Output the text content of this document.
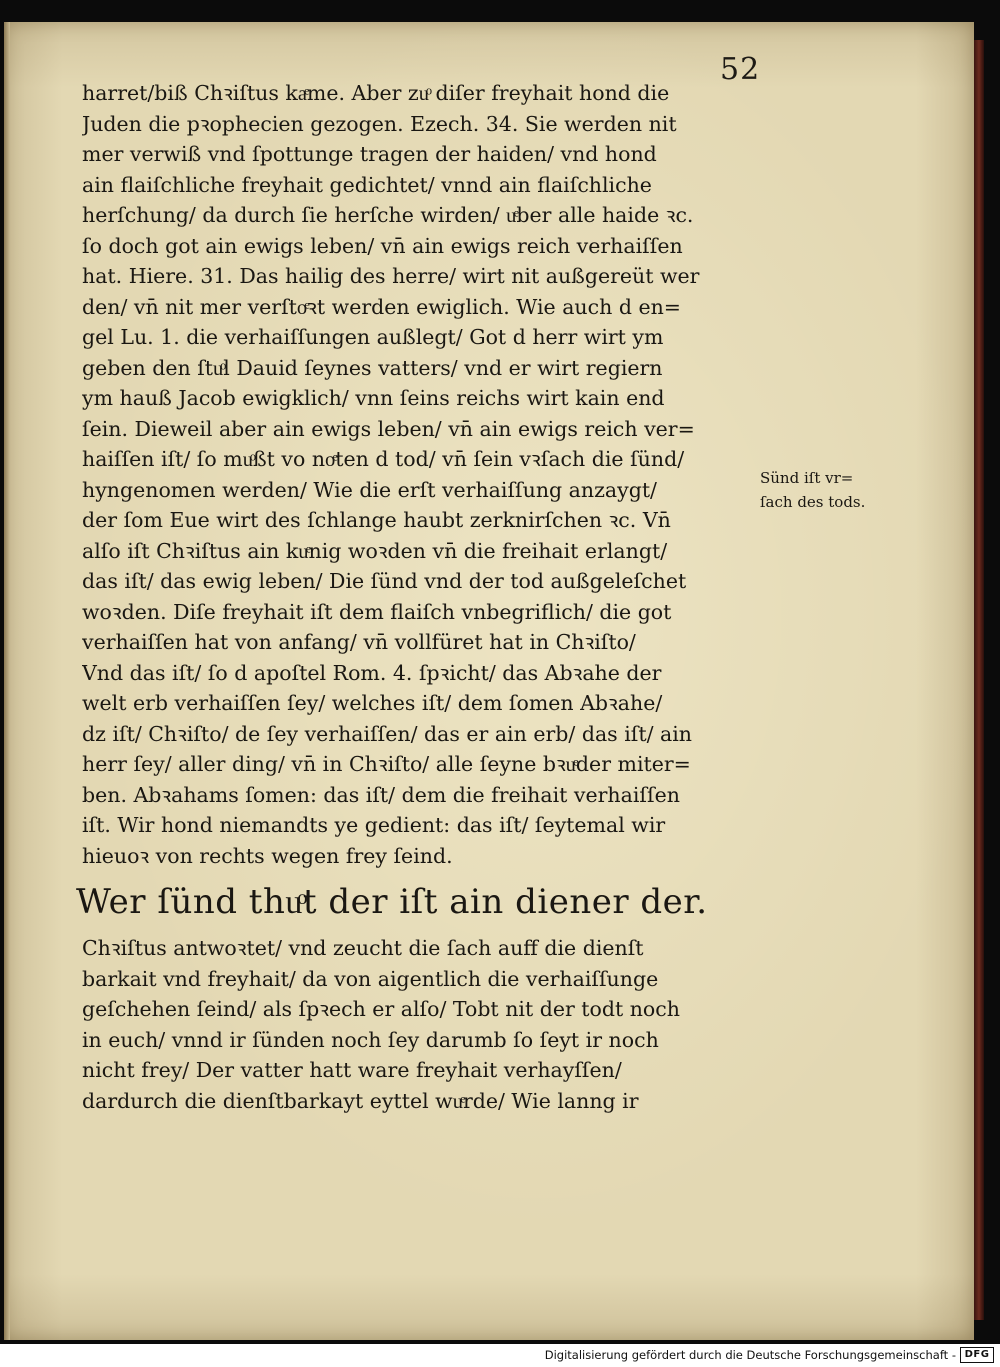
52
harret/biß Chꝛiſtus kaͤme. Aber zuͦ diſer freyhait hond die
Juden die pꝛophecien gezogen. Ezech. 34. Sie werden nit
mer verwiß vnd ſpottunge tragen der haiden/ vnd hond
ain flaiſchliche freyhait gedichtet/ vnnd ain flaiſchliche
herſchung/ da durch ſie herſche wirden/ uͤber alle haide ꝛc.
ſo doch got ain ewigs leben/ vn̄ ain ewigs reich verhaiſſen
hat. Hiere. 31. Das hailig des herre/ wirt nit außgereüt wer
den/ vn̄ nit mer verſtoͤꝛt werden ewiglich. Wie auch d en=
gel Lu. 1. die verhaiſſungen außlegt/ Got d herr wirt ym
geben den ſtuͦl Dauid ſeynes vatters/ vnd er wirt regiern
ym hauß Jacob ewigklich/ vnn ſeins reichs wirt kain end
ſein. Dieweil aber ain ewigs leben/ vn̄ ain ewigs reich ver=
haiſſen iſt/ ſo muͦßt vo noͤten d tod/ vn̄ ſein vꝛſach die ſünd/
hyngenomen werden/ Wie die erſt verhaiſſung anzaygt/
der ſom Eue wirt des ſchlange haubt zerknirſchen ꝛc. Vn̄
alſo iſt Chꝛiſtus ain kuͤnig woꝛden vn̄ die freihait erlangt/
das iſt/ das ewig leben/ Die ſünd vnd der tod außgeleſchet
woꝛden. Diſe freyhait iſt dem flaiſch vnbegriflich/ die got
verhaiſſen hat von anfang/ vn̄ vollfüret hat in Chꝛiſto/
Vnd das iſt/ ſo d apoſtel Rom. 4. ſpꝛicht/ das Abꝛahe der
welt erb verhaiſſen ſey/ welches iſt/ dem ſomen Abꝛahe/
dz iſt/ Chꝛiſto/ de ſey verhaiſſen/ das er ain erb/ das iſt/ ain
herr ſey/ aller ding/ vn̄ in Chꝛiſto/ alle ſeyne bꝛuͤder miter=
ben. Abꝛahams ſomen: das iſt/ dem die freihait verhaiſſen
iſt. Wir hond niemandts ye gedient: das iſt/ ſeytemal wir
hieuoꝛ von rechts wegen frey ſeind.
Wer ſünd thuͦt der iſt ain diener der.
Chꝛiſtus antwoꝛtet/ vnd zeucht die ſach auff die dienſt
barkait vnd freyhait/ da von aigentlich die verhaiſſunge
geſchehen ſeind/ als ſpꝛech er alſo/ Tobt nit der todt noch
in euch/ vnnd ir ſünden noch ſey darumb ſo ſeyt ir noch
nicht frey/ Der vatter hatt ware freyhait verhayſſen/
dardurch die dienſtbarkayt eyttel wuͤrde/ Wie lanng ir
Sünd iſt vr=
ſach des tods.
Digitalisierung gefördert durch die Deutsche Forschungsgemeinschaft - DFG
